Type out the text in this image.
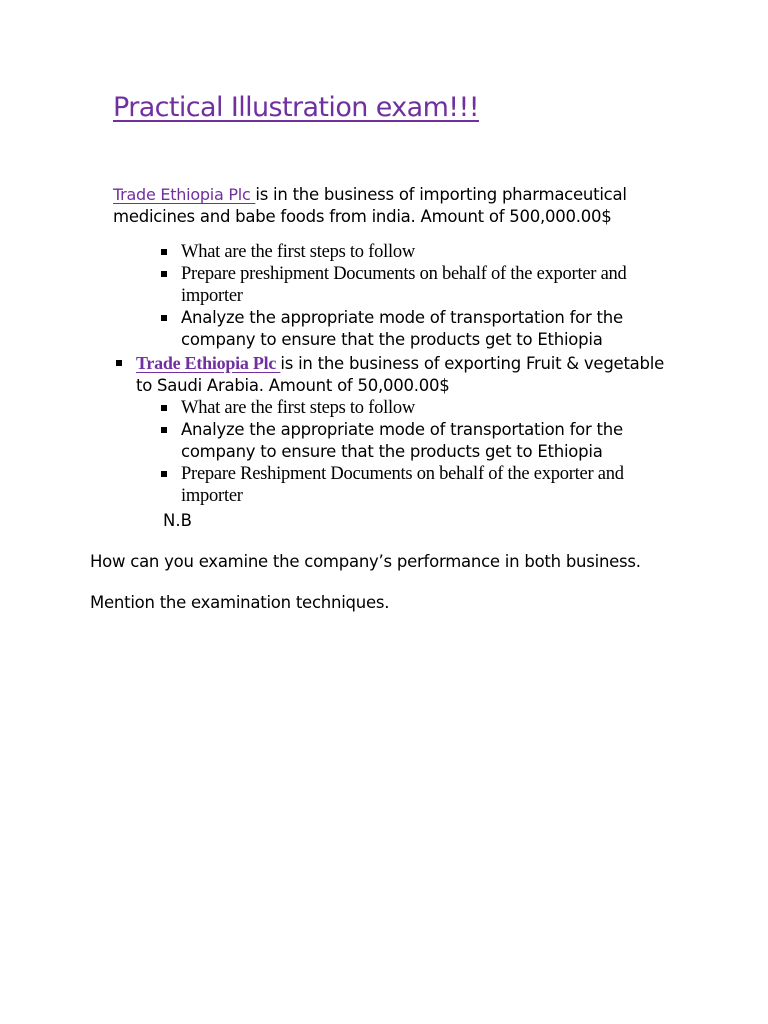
Practical Illustration exam!!!

Trade Ethiopia Plc is in the business of importing pharmaceutical medicines and babe foods from india. Amount of 500,000.00$

What are the first steps to follow
Prepare preshipment Documents on behalf of the exporter and importer
Analyze the appropriate mode of transportation for the company to ensure that the products get to Ethiopia
Trade Ethiopia Plc is in the business of exporting Fruit & vegetable to Saudi Arabia. Amount of 50,000.00$
What are the first steps to follow
Analyze the appropriate mode of transportation for the company to ensure that the products get to Ethiopia
Prepare Reshipment Documents on behalf of the exporter and importer

N.B

How can you examine the company’s performance in both business.

Mention the examination techniques.
